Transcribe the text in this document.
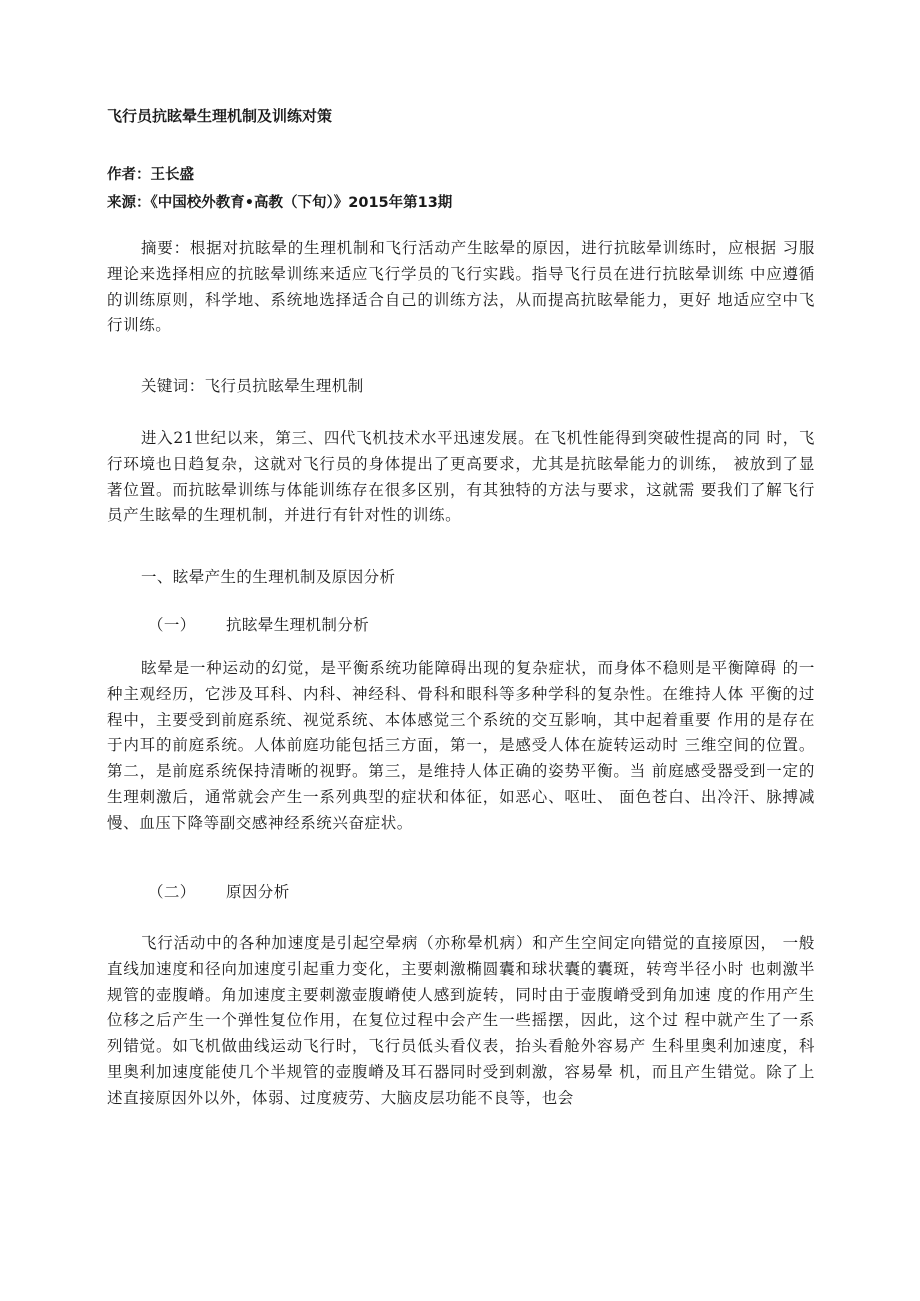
飞行员抗眩晕生理机制及训练对策
作者：王长盛
来源：《中国校外教育•高教（下旬）》2015年第13期

摘要：根据对抗眩晕的生理机制和飞行活动产生眩晕的原因，进行抗眩晕训练时，应根据 习服理论来选择相应的抗眩晕训练来适应飞行学员的飞行实践。指导飞行员在进行抗眩晕训练 中应遵循的训练原则，科学地、系统地选择适合自己的训练方法，从而提高抗眩晕能力，更好 地适应空中飞行训练。

关键词：飞行员抗眩晕生理机制

进入21世纪以来，第三、四代飞机技术水平迅速发展。在飞机性能得到突破性提高的同 时，飞行环境也日趋复杂，这就对飞行员的身体提出了更高要求，尤其是抗眩晕能力的训练， 被放到了显著位置。而抗眩晕训练与体能训练存在很多区别，有其独特的方法与要求，这就需 要我们了解飞行员产生眩晕的生理机制，并进行有针对性的训练。

一、眩晕产生的生理机制及原因分析
（一） 抗眩晕生理机制分析

眩晕是一种运动的幻觉，是平衡系统功能障碍出现的复杂症状，而身体不稳则是平衡障碍 的一种主观经历，它涉及耳科、内科、神经科、骨科和眼科等多种学科的复杂性。在维持人体 平衡的过程中，主要受到前庭系统、视觉系统、本体感觉三个系统的交互影响，其中起着重要 作用的是存在于内耳的前庭系统。人体前庭功能包括三方面，第一，是感受人体在旋转运动时 三维空间的位置。第二，是前庭系统保持清晰的视野。第三，是维持人体正确的姿势平衡。当 前庭感受器受到一定的生理刺激后，通常就会产生一系列典型的症状和体征，如恶心、呕吐、 面色苍白、出冷汗、脉搏减慢、血压下降等副交感神经系统兴奋症状。

（二） 原因分析

飞行活动中的各种加速度是引起空晕病（亦称晕机病）和产生空间定向错觉的直接原因， 一般直线加速度和径向加速度引起重力变化，主要刺激椭圆囊和球状囊的囊斑，转弯半径小时 也刺激半规管的壶腹嵴。角加速度主要刺激壶腹嵴使人感到旋转，同时由于壶腹嵴受到角加速 度的作用产生位移之后产生一个弹性复位作用，在复位过程中会产生一些摇摆，因此，这个过 程中就产生了一系列错觉。如飞机做曲线运动飞行时，飞行员低头看仪表，抬头看舱外容易产 生科里奥利加速度，科里奥利加速度能使几个半规管的壶腹嵴及耳石器同时受到刺激，容易晕 机，而且产生错觉。除了上述直接原因外以外，体弱、过度疲劳、大脑皮层功能不良等，也会
